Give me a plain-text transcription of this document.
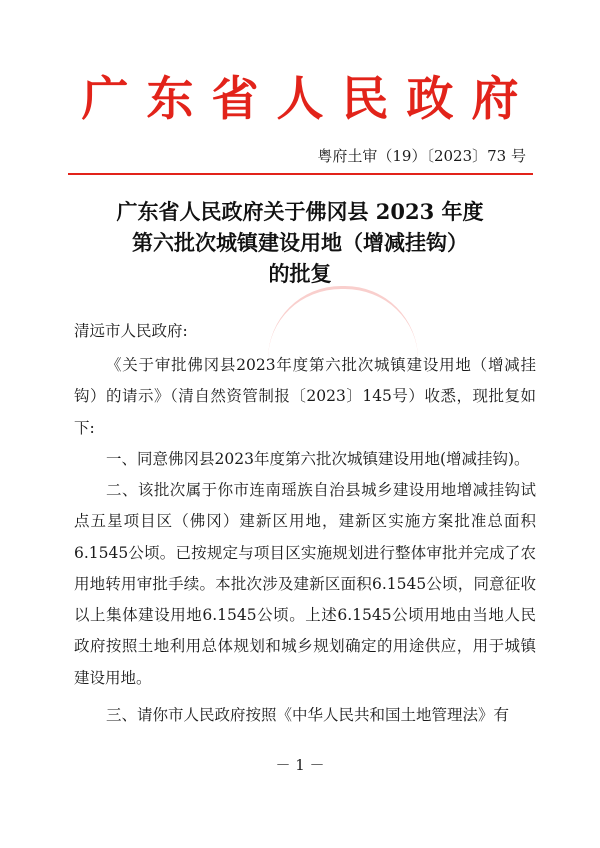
广东省人民政府
粤府土审（19）〔2023〕73 号
广东省人民政府关于佛冈县 2023 年度
第六批次城镇建设用地（增减挂钩）
的批复

清远市人民政府:

《关于审批佛冈县2023年度第六批次城镇建设用地（增减挂钩）的请示》（清自然资管制报〔2023〕145号）收悉，现批复如下:

一、同意佛冈县2023年度第六批次城镇建设用地(增减挂钩)。

二、该批次属于你市连南瑶族自治县城乡建设用地增减挂钩试点五星项目区（佛冈）建新区用地，建新区实施方案批准总面积6.1545公顷。已按规定与项目区实施规划进行整体审批并完成了农用地转用审批手续。本批次涉及建新区面积6.1545公顷，同意征收以上集体建设用地6.1545公顷。上述6.1545公顷用地由当地人民政府按照土地利用总体规划和城乡规划确定的用途供应，用于城镇建设用地。

三、请你市人民政府按照《中华人民共和国土地管理法》有

－ 1 －
